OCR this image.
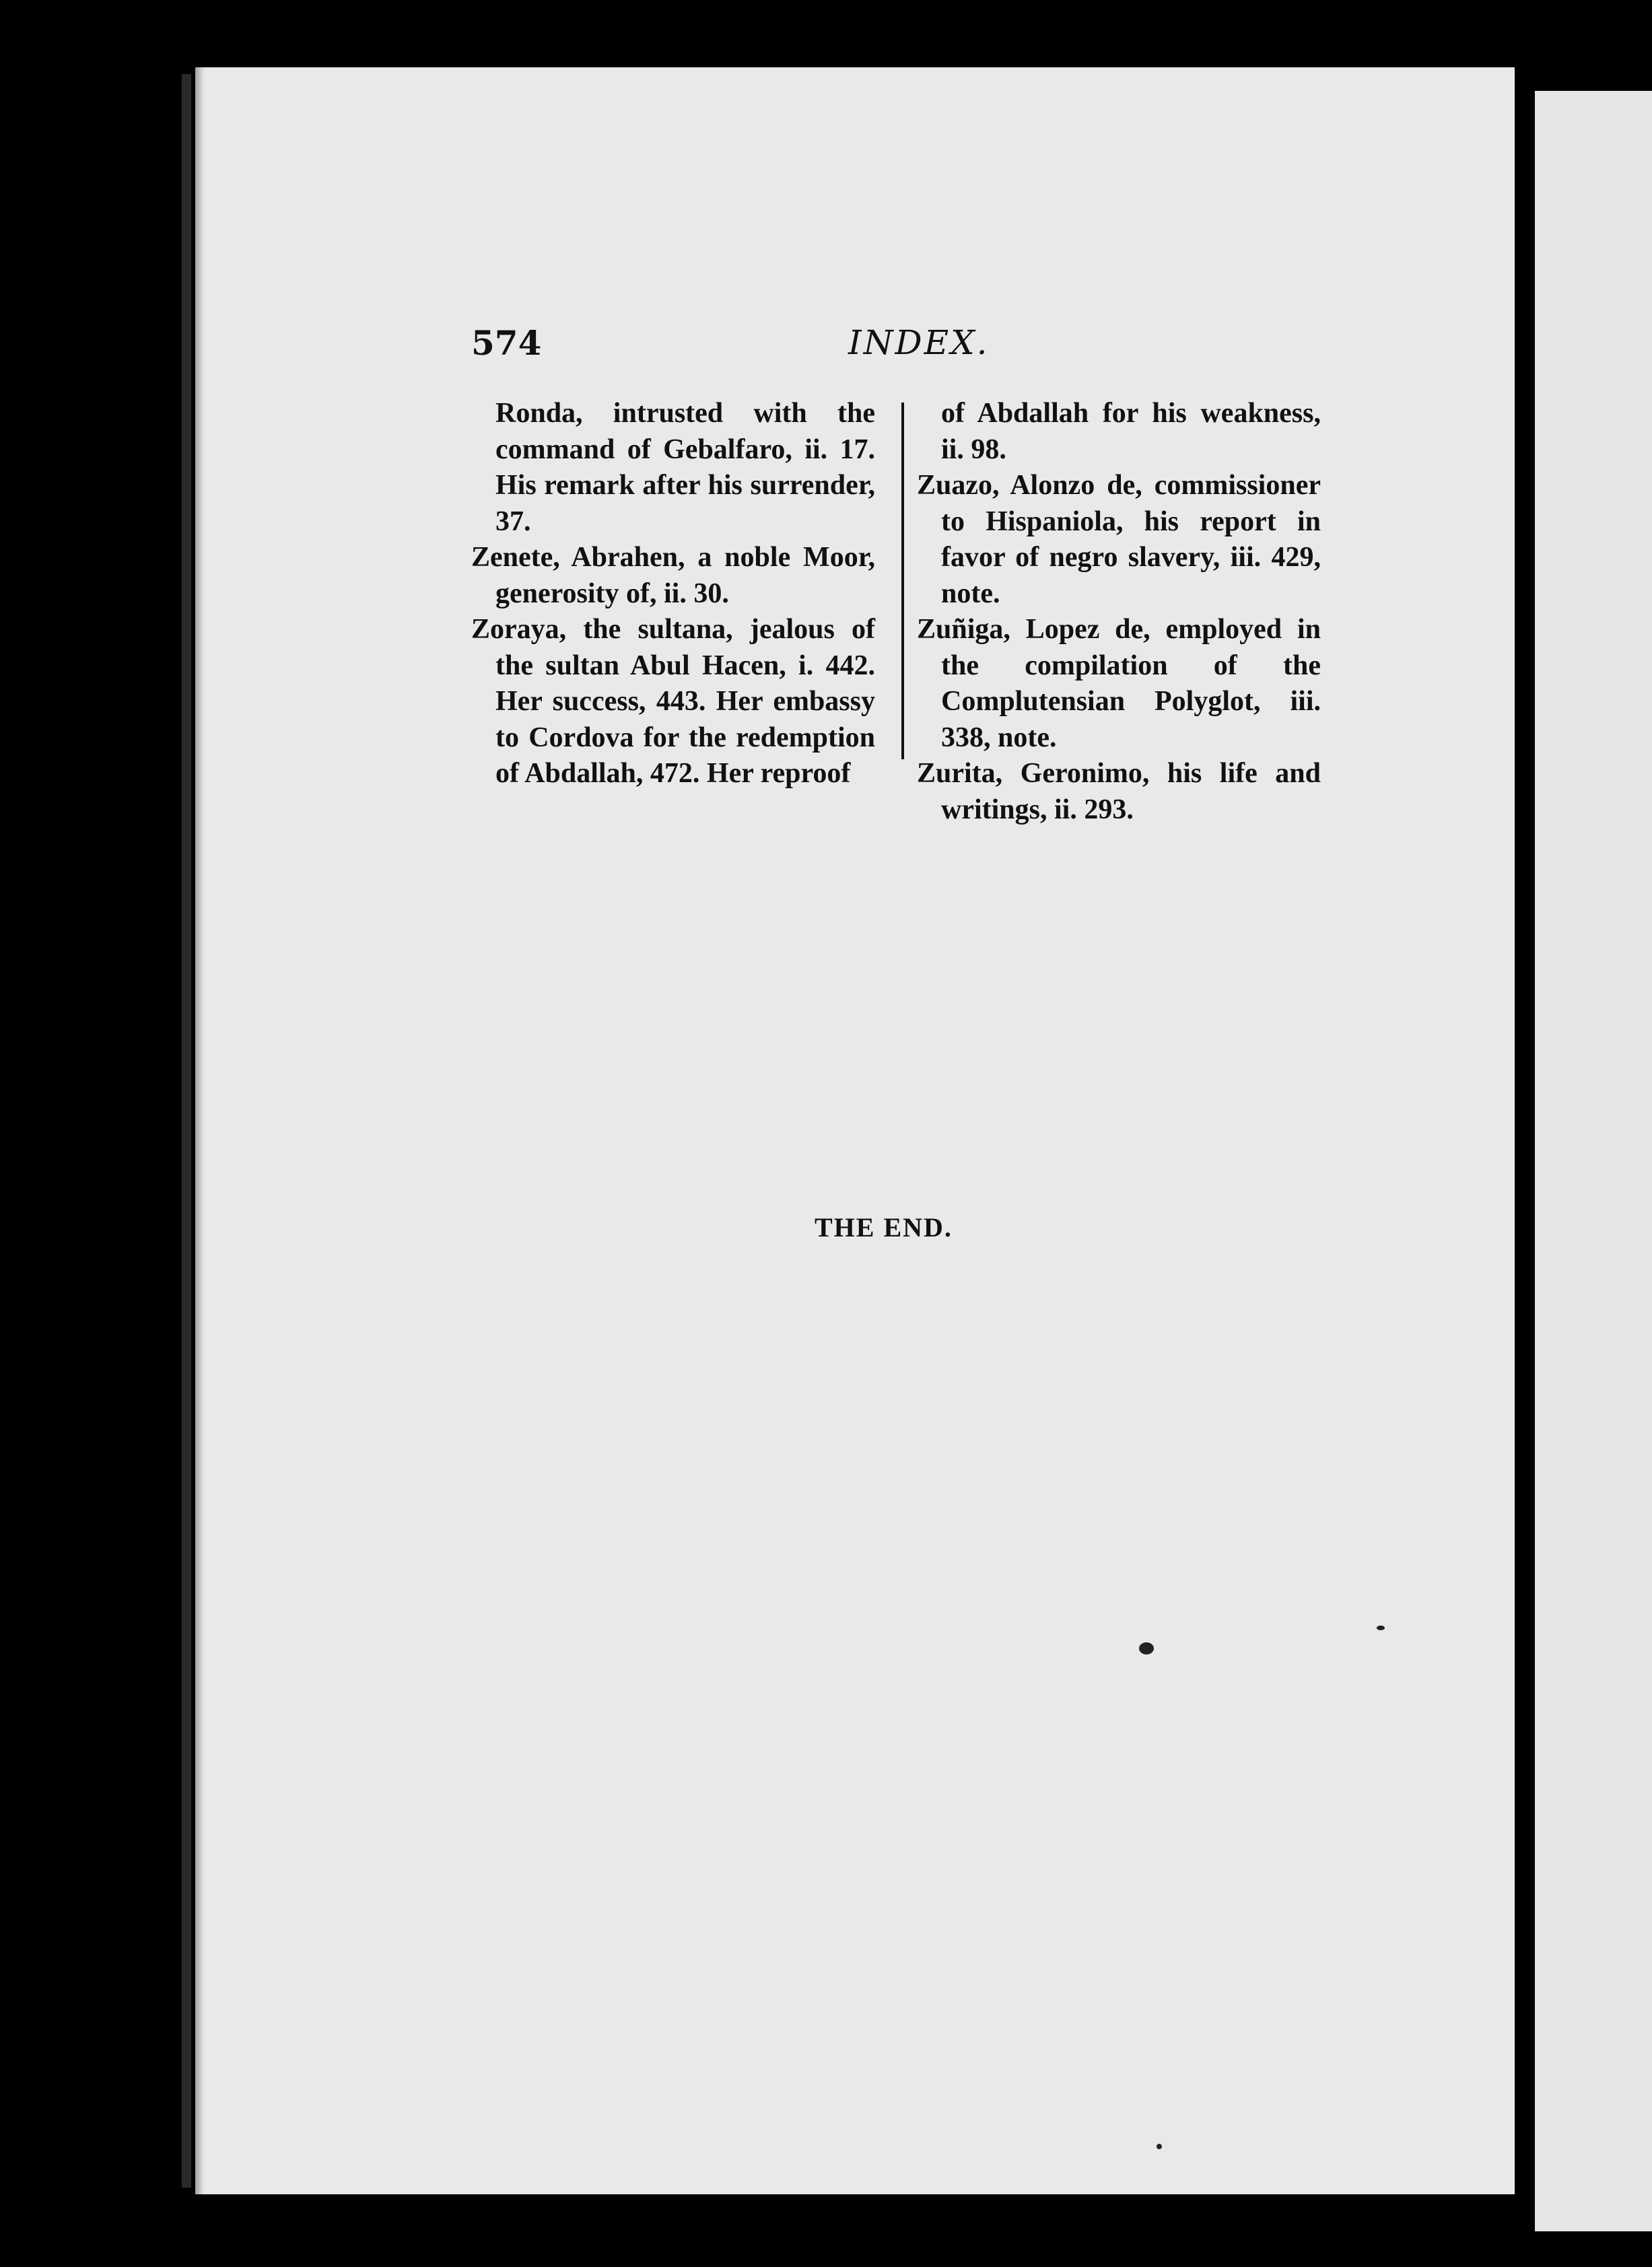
574	INDEX.

Ronda, intrusted with the command of Gebalfaro, ii. 17. His remark after his surrender, 37.

Zenete, Abrahen, a noble Moor, generosity of, ii. 30.

Zoraya, the sultana, jealous of the sultan Abul Hacen, i. 442. Her success, 443. Her embassy to Cordova for the redemption of Abdallah, 472. Her reproof

of Abdallah for his weakness, ii. 98.

Zuazo, Alonzo de, commissioner to Hispaniola, his report in favor of negro slavery, iii. 429, note.

Zuñiga, Lopez de, employed in the compilation of the Complutensian Polyglot, iii. 338, note.

Zurita, Geronimo, his life and writings, ii. 293.

THE END.
